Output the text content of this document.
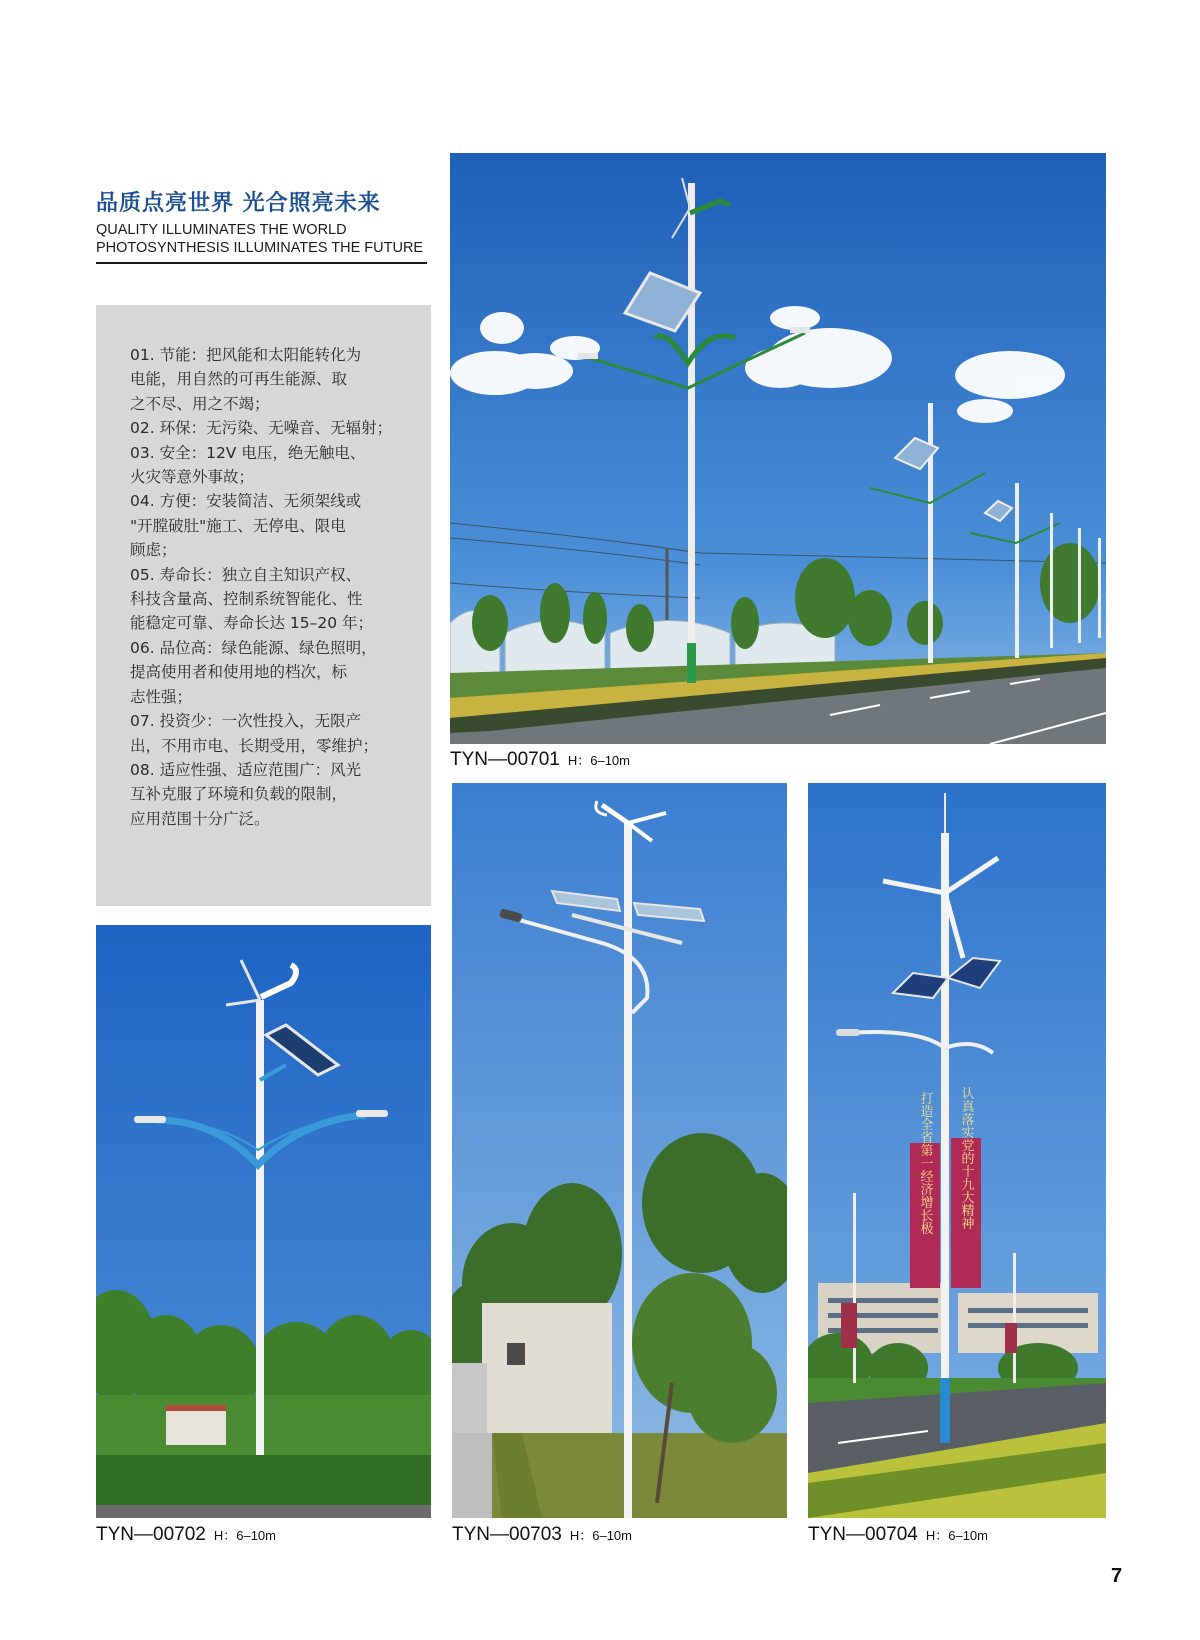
品质点亮世界 光合照亮未来
QUALITY ILLUMINATES THE WORLD
PHOTOSYNTHESIS ILLUMINATES THE FUTURE
01. 节能：把风能和太阳能转化为
电能，用自然的可再生能源、取
之不尽、用之不竭；
02. 环保：无污染、无噪音、无辐射；
03. 安全：12V 电压，绝无触电、
火灾等意外事故；
04. 方便：安装简洁、无须架线或
"开膛破肚"施工、无停电、限电
顾虑；
05. 寿命长：独立自主知识产权、
科技含量高、控制系统智能化、性
能稳定可靠、寿命长达 15–20 年；
06. 品位高：绿色能源、绿色照明，
提高使用者和使用地的档次，标
志性强；
07. 投资少：一次性投入，无限产
出，不用市电、长期受用，零维护；
08. 适应性强、适应范围广：风光
互补克服了环境和负载的限制，
应用范围十分广泛。
TYN—00701 H：6–10m
TYN—00702 H：6–10m	TYN—00703 H：6–10m
打造全省第一经济增长极 认真落实党的十九大精神
TYN—00704 H：6–10m
7
